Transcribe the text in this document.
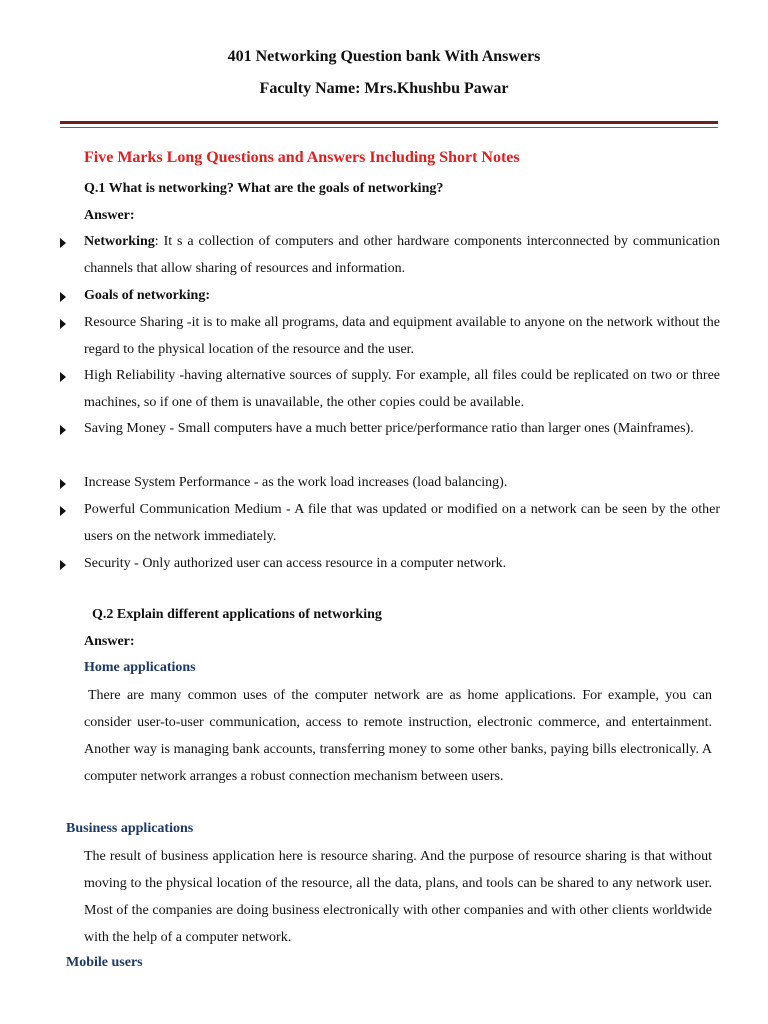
401 Networking Question bank With Answers
Faculty Name: Mrs.Khushbu Pawar
Five Marks Long Questions and Answers Including Short Notes
Q.1 What is networking? What are the goals of networking?
Answer:
Networking: It s a collection of computers and other hardware components interconnected by communication channels that allow sharing of resources and information.
Goals of networking:
Resource Sharing -it is to make all programs, data and equipment available to anyone on the network without the regard to the physical location of the resource and the user.
High Reliability -having alternative sources of supply. For example, all files could be replicated on two or three machines, so if one of them is unavailable, the other copies could be available.
Saving Money - Small computers have a much better price/performance ratio than larger ones (Mainframes).
Increase System Performance - as the work load increases (load balancing).
Powerful Communication Medium - A file that was updated or modified on a network can be seen by the other users on the network immediately.
Security - Only authorized user can access resource in a computer network.
Q.2 Explain different applications of networking
Answer:
Home applications
There are many common uses of the computer network are as home applications. For example, you can consider user-to-user communication, access to remote instruction, electronic commerce, and entertainment. Another way is managing bank accounts, transferring money to some other banks, paying bills electronically. A computer network arranges a robust connection mechanism between users.
Business applications
The result of business application here is resource sharing. And the purpose of resource sharing is that without moving to the physical location of the resource, all the data, plans, and tools can be shared to any network user. Most of the companies are doing business electronically with other companies and with other clients worldwide with the help of a computer network.
Mobile users
